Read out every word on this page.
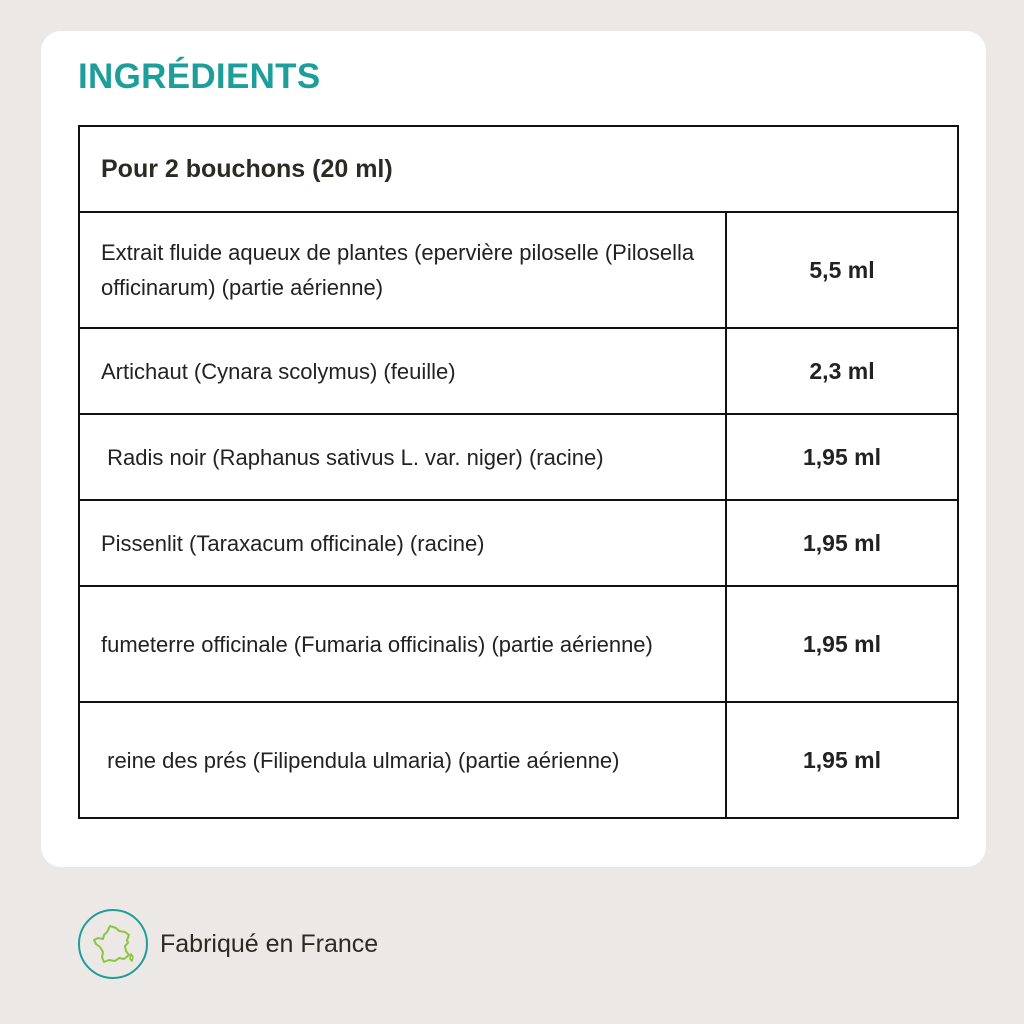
INGRÉDIENTS
Pour 2 bouchons (20 ml)	
Extrait fluide aqueux de plantes (epervière piloselle (Pilosella officinarum) (partie aérienne)	5,5 ml
Artichaut (Cynara scolymus) (feuille)	2,3 ml
Radis noir (Raphanus sativus L. var. niger) (racine)	1,95 ml
Pissenlit (Taraxacum officinale) (racine)	1,95 ml
fumeterre officinale (Fumaria officinalis) (partie aérienne)	1,95 ml
reine des prés (Filipendula ulmaria) (partie aérienne)	1,95 ml
Fabriqué en France
